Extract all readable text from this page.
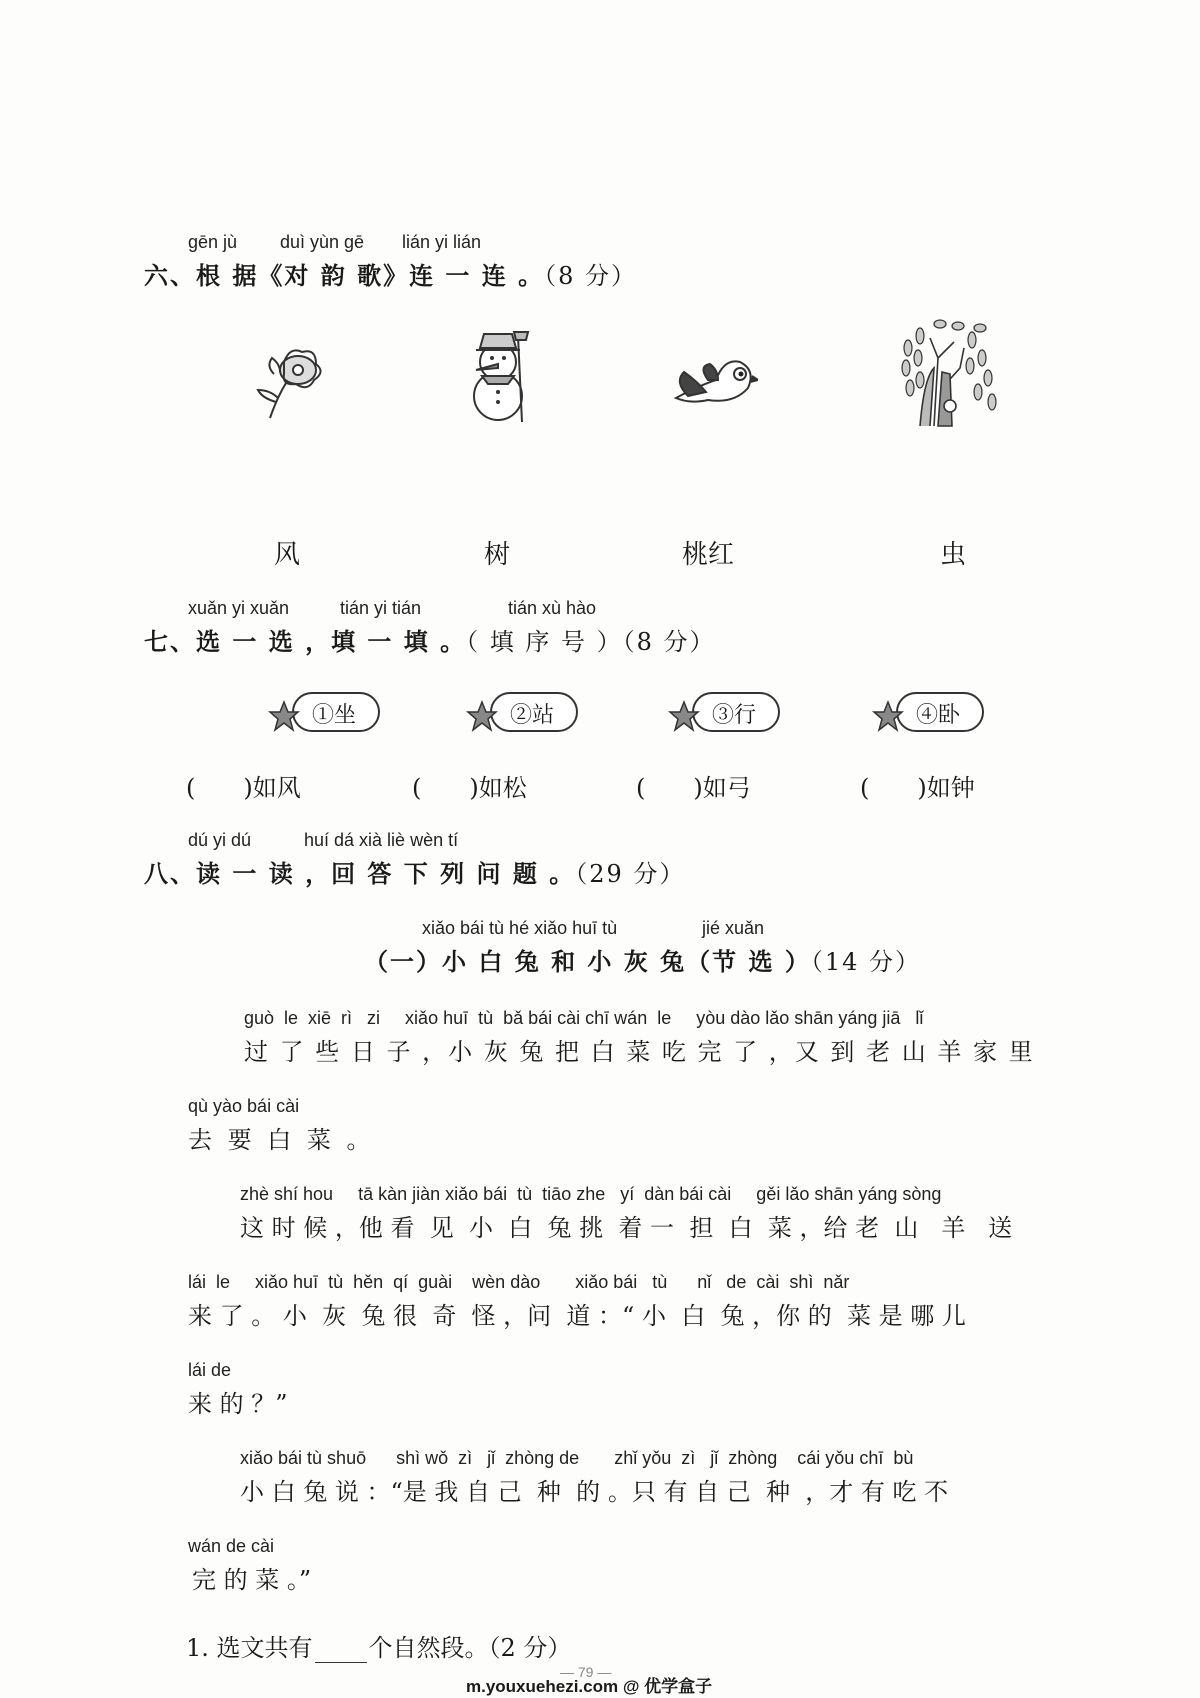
gēn jù duì yùn gē lián yi lián
六、根 据《对 韵 歌》连 一 连 。（8 分）
风	树	桃红	虫
xuǎn yi xuǎn	tián yi tián	tián xù hào
七、选 一 选 ，填 一 填 。（ 填 序 号 ）（8 分）
①坐	②站	③行	④卧
(　　)如风	(　　)如松	(　　)如弓	(　　)如钟
dú yi dú	huí dá xià liè wèn tí
八、读 一 读 ，回 答 下 列 问 题 。（29 分）
xiǎo bái tù hé xiǎo huī tù	jié xuǎn
（一）小 白 兔 和 小 灰 兔（节 选 ）（14 分）
guò  le  xiē  rì   zi     xiǎo huī  tù  bǎ bái cài chī wán  le     yòu dào lǎo shān yáng jiā   lǐ
过 了 些 日 子 ，小 灰 兔 把 白 菜 吃 完 了 ，又 到 老 山 羊 家 里
qù yào bái cài
去 要 白 菜 。
zhè shí hou     tā kàn jiàn xiǎo bái  tù  tiāo zhe   yí  dàn bái cài     gěi lǎo shān yáng sòng
这 时 候 ，他 看  见  小  白  兔 挑  着 一  担  白  菜 ，给 老  山   羊   送
lái  le     xiǎo huī  tù  hěn  qí  guài    wèn dào       xiǎo bái   tù      nǐ   de  cài  shì  nǎr
来 了 。 小  灰  兔 很  奇  怪 ，问  道 ：“ 小  白  兔 ，你 的  菜 是 哪 儿
lái de
来 的 ？”
xiǎo bái tù shuō      shì wǒ  zì   jǐ  zhòng de       zhǐ yǒu  zì   jǐ  zhòng    cái yǒu chī  bù
小 白 兔 说 ：“是 我 自 己  种  的 。只 有 自 己  种  ，才 有 吃 不
wán de cài
完 的 菜 。”
1. 选文共有 个自然段。（2 分）
— 79 —
m.youxuehezi.com @ 优学盒子
